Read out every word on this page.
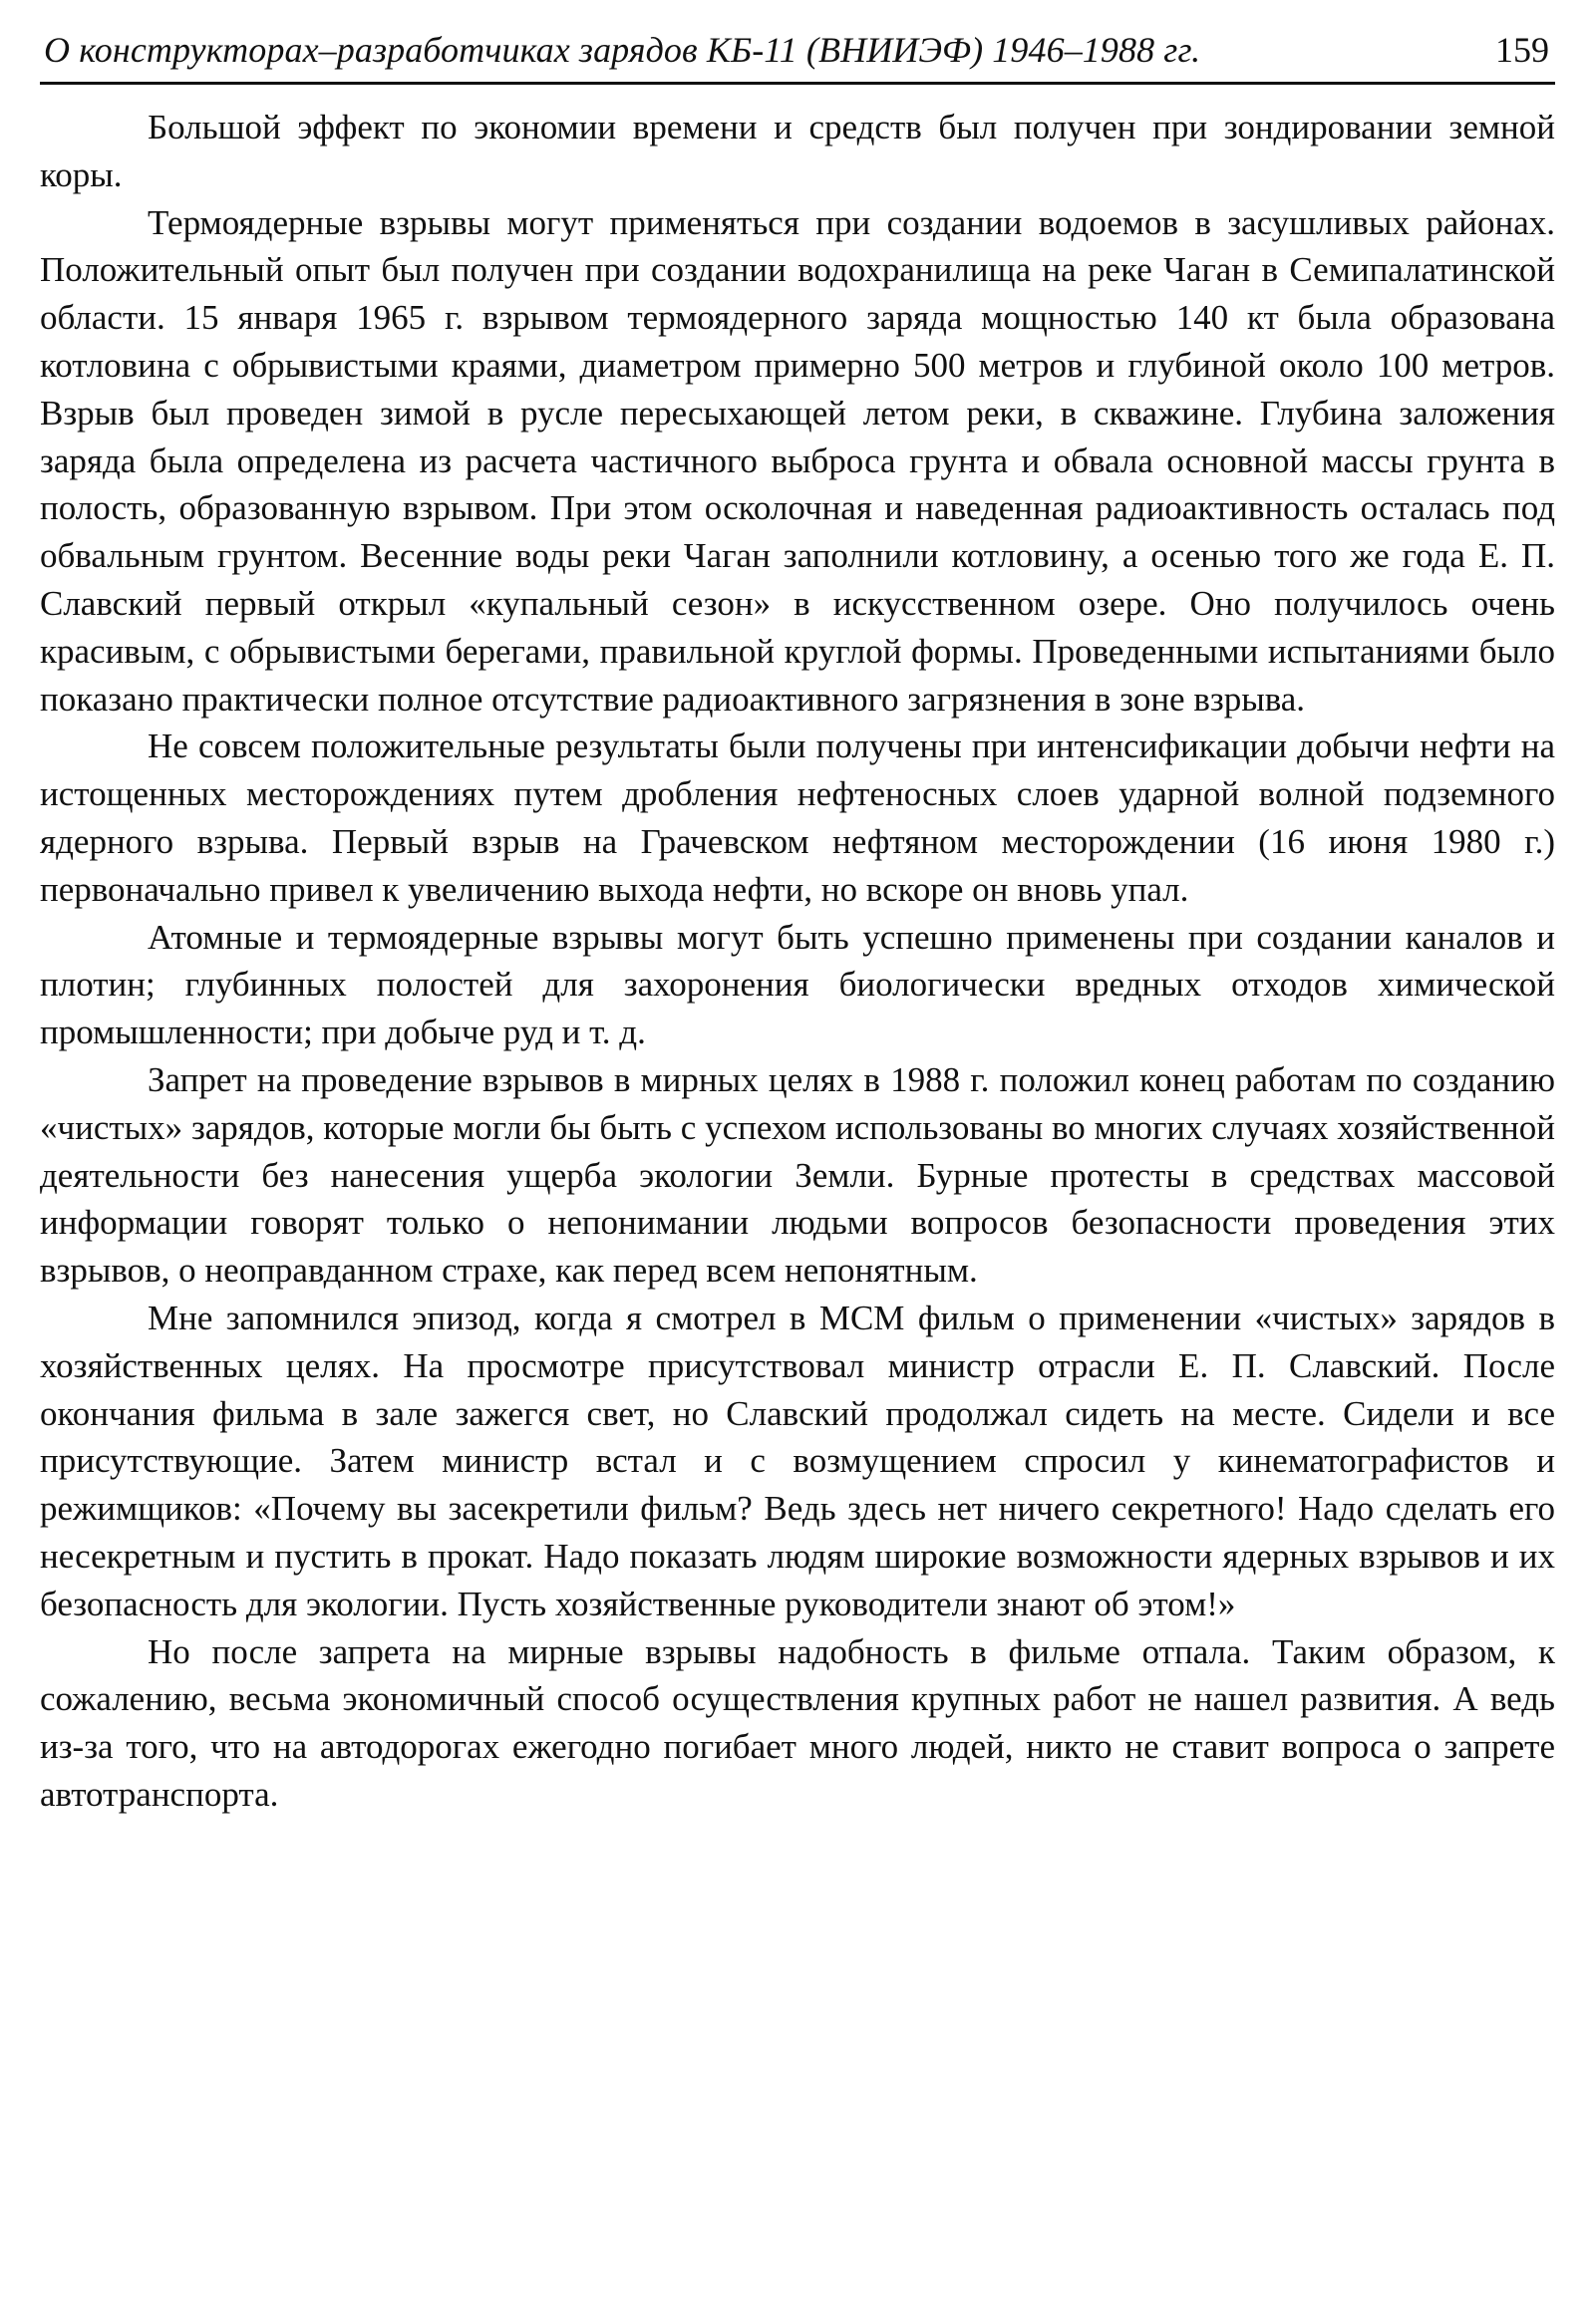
О конструкторах–разработчиках зарядов КБ-11 (ВНИИЭФ) 1946–1988 гг.	159

Большой эффект по экономии времени и средств был получен при зондировании земной коры.

Термоядерные взрывы могут применяться при создании водоемов в засушливых районах. Положительный опыт был получен при создании водохранилища на реке Чаган в Семипалатинской области. 15 января 1965 г. взрывом термоядерного заряда мощностью 140 кт была образована котловина с обрывистыми краями, диаметром примерно 500 метров и глубиной около 100 метров. Взрыв был проведен зимой в русле пересыхающей летом реки, в скважине. Глубина заложения заряда была определена из расчета частичного выброса грунта и обвала основной массы грунта в полость, образованную взрывом. При этом осколочная и наведенная радиоактивность осталась под обвальным грунтом. Весенние воды реки Чаган заполнили котловину, а осенью того же года Е. П. Славский первый открыл «купальный сезон» в искусственном озере. Оно получилось очень красивым, с обрывистыми берегами, правильной круглой формы. Проведенными испытаниями было показано практически полное отсутствие радиоактивного загрязнения в зоне взрыва.

Не совсем положительные результаты были получены при интенсификации добычи нефти на истощенных месторождениях путем дробления нефтеносных слоев ударной волной подземного ядерного взрыва. Первый взрыв на Грачевском нефтяном месторождении (16 июня 1980 г.) первоначально привел к увеличению выхода нефти, но вскоре он вновь упал.

Атомные и термоядерные взрывы могут быть успешно применены при создании каналов и плотин; глубинных полостей для захоронения биологически вредных отходов химической промышленности; при добыче руд и т. д.

Запрет на проведение взрывов в мирных целях в 1988 г. положил конец работам по созданию «чистых» зарядов, которые могли бы быть с успехом использованы во многих случаях хозяйственной деятельности без нанесения ущерба экологии Земли. Бурные протесты в средствах массовой информации говорят только о непонимании людьми вопросов безопасности проведения этих взрывов, о неоправданном страхе, как перед всем непонятным.

Мне запомнился эпизод, когда я смотрел в МСМ фильм о применении «чистых» зарядов в хозяйственных целях. На просмотре присутствовал министр отрасли Е. П. Славский. После окончания фильма в зале зажегся свет, но Славский продолжал сидеть на месте. Сидели и все присутствующие. Затем министр встал и с возмущением спросил у кинематографистов и режимщиков: «Почему вы засекретили фильм? Ведь здесь нет ничего секретного! Надо сделать его несекретным и пустить в прокат. Надо показать людям широкие возможности ядерных взрывов и их безопасность для экологии. Пусть хозяйственные руководители знают об этом!»

Но после запрета на мирные взрывы надобность в фильме отпала. Таким образом, к сожалению, весьма экономичный способ осуществления крупных работ не нашел развития. А ведь из-за того, что на автодорогах ежегодно погибает много людей, никто не ставит вопроса о запрете автотранспорта.
